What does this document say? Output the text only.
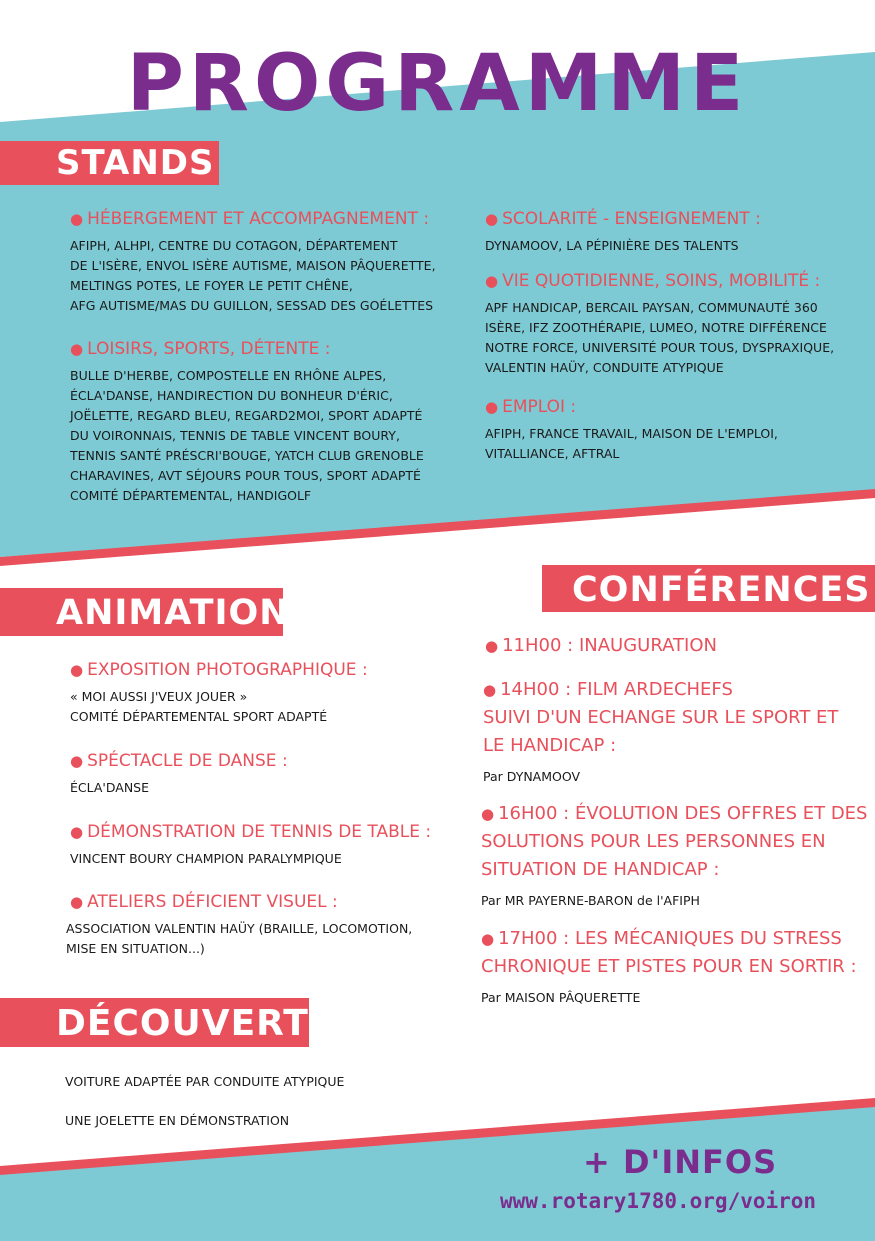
PROGRAMME
STANDS

● HÉBERGEMENT ET ACCOMPAGNEMENT :

AFIPH, ALHPI, CENTRE DU COTAGON, DÉPARTEMENT
DE L'ISÈRE, ENVOL ISÈRE AUTISME, MAISON PÂQUERETTE,
MELTINGS POTES, LE FOYER LE PETIT CHÊNE,
AFG AUTISME/MAS DU GUILLON, SESSAD DES GOÉLETTES

● LOISIRS, SPORTS, DÉTENTE :

BULLE D'HERBE, COMPOSTELLE EN RHÔNE ALPES,
ÉCLA'DANSE, HANDIRECTION DU BONHEUR D'ÉRIC,
JOËLETTE, REGARD BLEU, REGARD2MOI, SPORT ADAPTÉ
DU VOIRONNAIS, TENNIS DE TABLE VINCENT BOURY,
TENNIS SANTÉ PRÉSCRI'BOUGE, YATCH CLUB GRENOBLE
CHARAVINES, AVT SÉJOURS POUR TOUS, SPORT ADAPTÉ
COMITÉ DÉPARTEMENTAL, HANDIGOLF

● SCOLARITÉ - ENSEIGNEMENT :

DYNAMOOV, LA PÉPINIÈRE DES TALENTS

● VIE QUOTIDIENNE, SOINS, MOBILITÉ :

APF HANDICAP, BERCAIL PAYSAN, COMMUNAUTÉ 360
ISÈRE, IFZ ZOOTHÉRAPIE, LUMEO, NOTRE DIFFÉRENCE
NOTRE FORCE, UNIVERSITÉ POUR TOUS, DYSPRAXIQUE,
VALENTIN HAÜY, CONDUITE ATYPIQUE

● EMPLOI :

AFIPH, FRANCE TRAVAIL, MAISON DE L'EMPLOI,
VITALLIANCE, AFTRAL

ANIMATIONS

● EXPOSITION PHOTOGRAPHIQUE :

« MOI AUSSI J'VEUX JOUER »
COMITÉ DÉPARTEMENTAL SPORT ADAPTÉ

● SPÉCTACLE DE DANSE :

ÉCLA'DANSE

● DÉMONSTRATION DE TENNIS DE TABLE :

VINCENT BOURY CHAMPION PARALYMPIQUE

● ATELIERS DÉFICIENT VISUEL :

ASSOCIATION VALENTIN HAÜY (BRAILLE, LOCOMOTION,
MISE EN SITUATION...)

CONFÉRENCES

● 11H00 : INAUGURATION

● 14H00 : FILM ARDECHEFS
SUIVI D'UN ECHANGE SUR LE SPORT ET
LE HANDICAP :

Par DYNAMOOV

● 16H00 : ÉVOLUTION DES OFFRES ET DES
SOLUTIONS POUR LES PERSONNES EN
SITUATION DE HANDICAP :

Par MR PAYERNE-BARON de l'AFIPH

● 17H00 : LES MÉCANIQUES DU STRESS
CHRONIQUE ET PISTES POUR EN SORTIR :

Par MAISON PÂQUERETTE

DÉCOUVERTE

VOITURE ADAPTÉE PAR CONDUITE ATYPIQUE

UNE JOELETTE EN DÉMONSTRATION

+ D'INFOS
www.rotary1780.org/voiron
